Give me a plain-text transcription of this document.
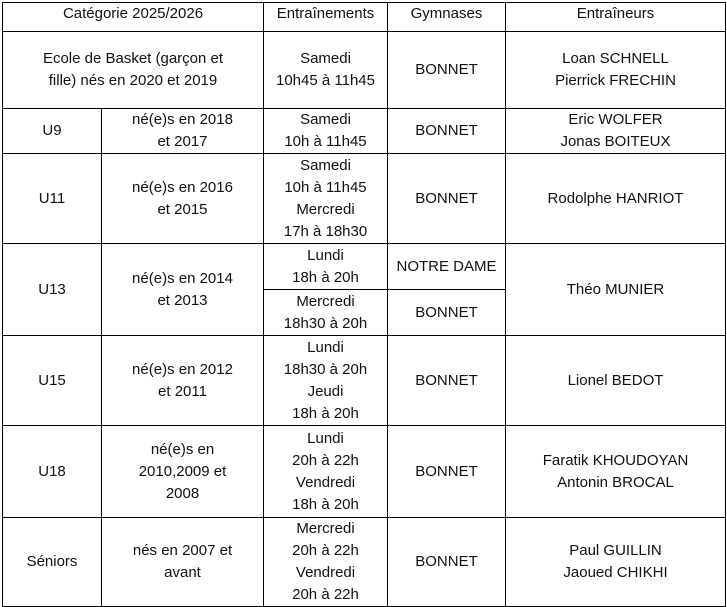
Catégorie 2025/2026		Entraînements	Gymnases	Entraîneurs

Ecole de Basket (garçon et
fille) nés en 2020 et 2019		Samedi
10h45 à 11h45	BONNET	Loan SCHNELL
Pierrick FRECHIN

U9	né(e)s en 2018
et 2017	Samedi
10h à 11h45	BONNET	Eric WOLFER
Jonas BOITEUX

U11	né(e)s en 2016
et 2015	Samedi
10h à 11h45
Mercredi
17h à 18h30	BONNET	Rodolphe HANRIOT

U13	né(e)s en 2014
et 2013	Lundi
18h à 20h	NOTRE DAME	Théo MUNIER

		Mercredi
18h30 à 20h	BONNET	

U15	né(e)s en 2012
et 2011	Lundi
18h30 à 20h
Jeudi
18h à 20h	BONNET	Lionel BEDOT

U18	né(e)s en
2010,2009 et
2008	Lundi
20h à 22h
Vendredi
18h à 20h	BONNET	Faratik KHOUDOYAN
Antonin BROCAL

Séniors	nés en 2007 et
avant	Mercredi
20h à 22h
Vendredi
20h à 22h	BONNET	Paul GUILLIN
Jaoued CHIKHI
